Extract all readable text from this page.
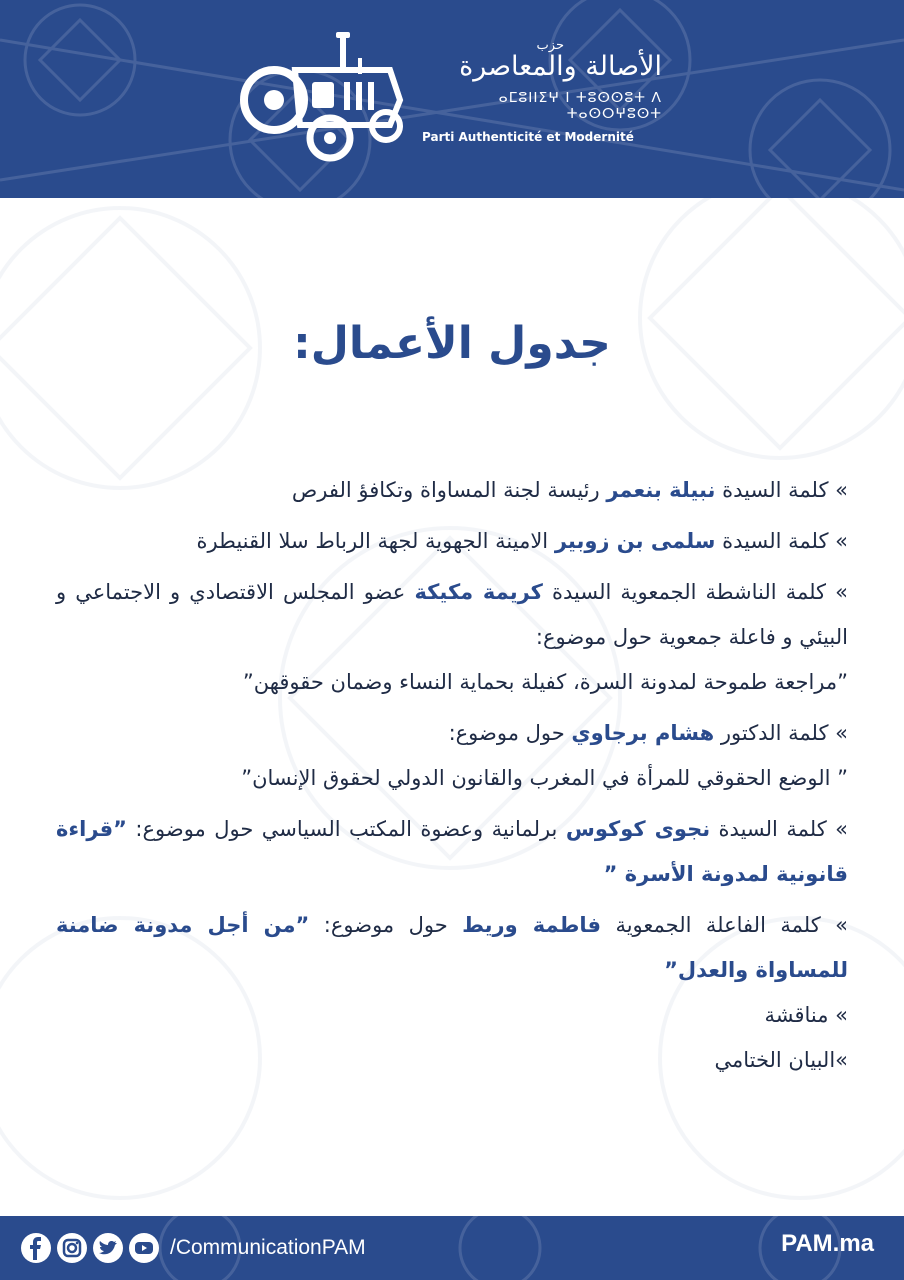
حزب
الأصالة والمعاصرة
ⴰⵎⵓⵏⵏⵉⵖ ⵏ ⵜⵓⵙⵙⵓⵜ ⴷ ⵜⴰⵙⵔⵖⵓⵙⵜ
Parti Authenticité et Modernité
جدول الأعمال:
» كلمة السيدة نبيلة بنعمر رئيسة لجنة المساواة وتكافؤ الفرص
» كلمة السيدة سلمى بن زوبير الامينة الجهوية لجهة الرباط سلا القنيطرة
» كلمة الناشطة الجمعوية السيدة كريمة مكيكة عضو المجلس الاقتصادي و الاجتماعي و البيئي و فاعلة جمعوية حول موضوع:
”مراجعة طموحة لمدونة السرة، كفيلة بحماية النساء وضمان حقوقهن”
» كلمة الدكتور هشام برجاوي حول موضوع:
” الوضع الحقوقي للمرأة في المغرب والقانون الدولي لحقوق الإنسان”
» كلمة السيدة نجوى كوكوس برلمانية وعضوة المكتب السياسي حول موضوع: ”قراءة قانونية لمدونة الأسرة ”
» كلمة الفاعلة الجمعوية فاطمة وريط حول موضوع: ”من أجل مدونة ضامنة للمساواة والعدل”
» مناقشة
»البيان الختامي
/CommunicationPAM	PAM.ma
